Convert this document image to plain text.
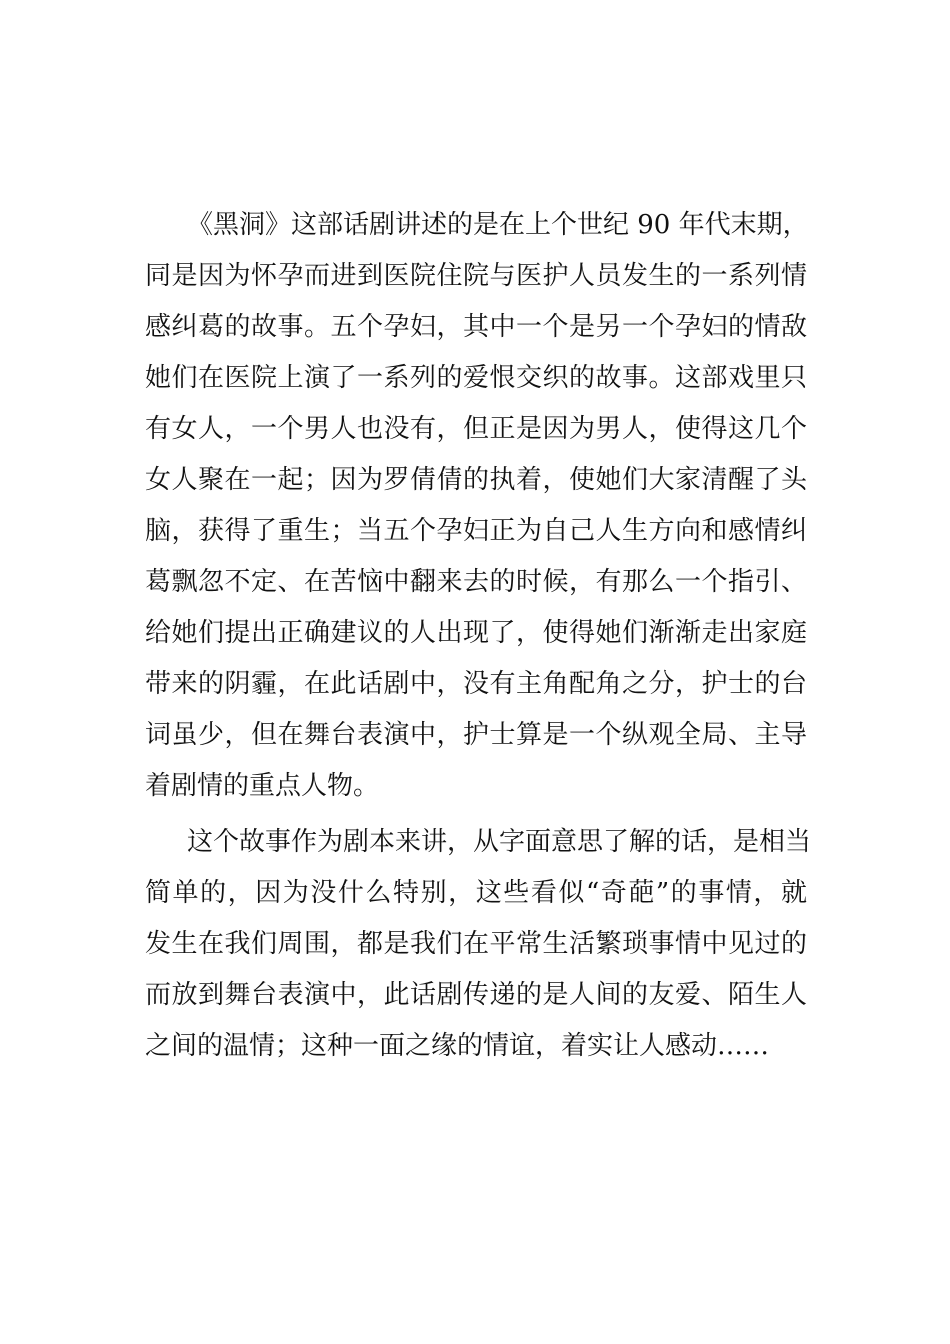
《黑洞》这部话剧讲述的是在上个世纪 90 年代末期，
同是因为怀孕而进到医院住院与医护人员发生的一系列情
感纠葛的故事。五个孕妇，其中一个是另一个孕妇的情敌
她们在医院上演了一系列的爱恨交织的故事。这部戏里只
有女人，一个男人也没有，但正是因为男人，使得这几个
女人聚在一起；因为罗倩倩的执着，使她们大家清醒了头
脑，获得了重生；当五个孕妇正为自己人生方向和感情纠
葛飘忽不定、在苦恼中翻来去的时候，有那么一个指引、
给她们提出正确建议的人出现了，使得她们渐渐走出家庭
带来的阴霾，在此话剧中，没有主角配角之分，护士的台
词虽少，但在舞台表演中，护士算是一个纵观全局、主导
着剧情的重点人物。
这个故事作为剧本来讲，从字面意思了解的话，是相当
简单的，因为没什么特别，这些看似“奇葩”的事情，就
发生在我们周围，都是我们在平常生活繁琐事情中见过的
而放到舞台表演中，此话剧传递的是人间的友爱、陌生人
之间的温情；这种一面之缘的情谊，着实让人感动……
